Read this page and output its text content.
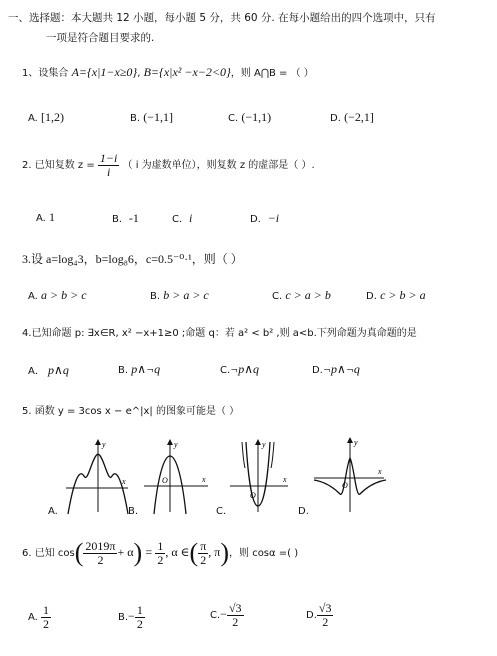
一、选择题：本大题共 12 小题，每小题 5 分，共 60 分. 在每小题给出的四个选项中，只有
一项是符合题目要求的.
1、设集合 A={x|1−x≥0}, B={x|x² −x−2<0}，则 A⋂B = （ ）
A. [1,2)	B. (−1,1]	C. (−1,1)	D. (−2,1]
2. 已知复数 $z = \frac{1-i}{i}$ （ i 为虚数单位），则复数 z 的虚部是（ ）.
A. 1	B．-1	C．i	D．−i
3.设 a=log₄3，b=log₈6，c=0.5⁻⁰·¹，则（ ）
A. a > b > c	B. b > a > c	C. c > a > b	D. c > b > a
4.已知命题 p: ∃x∈R, x² −x+1≥0 ;命题 q：若 a² < b² ,则 a<b.下列命题为真命题的是
A． p∧q	B. p∧¬q	C.¬p∧q	D.¬p∧¬q
5. 函数 y = 3cos x − e^|x| 的图象可能是（ ）
y
x
A.
y
x
O
B.
y
x
O
C.
y
x
O
D.
6. 已知 $\cos( \frac{2019\pi}{2} + \alpha) = \frac{1}{2}$ , α ∈( $\frac{\pi}{2}$ , π)，则 cosα =( )
A. $\frac{1}{2}$	$B.- \frac{1}{2}$	$C.- \frac{√3}{2}$	D. $\frac{√3}{2}$
